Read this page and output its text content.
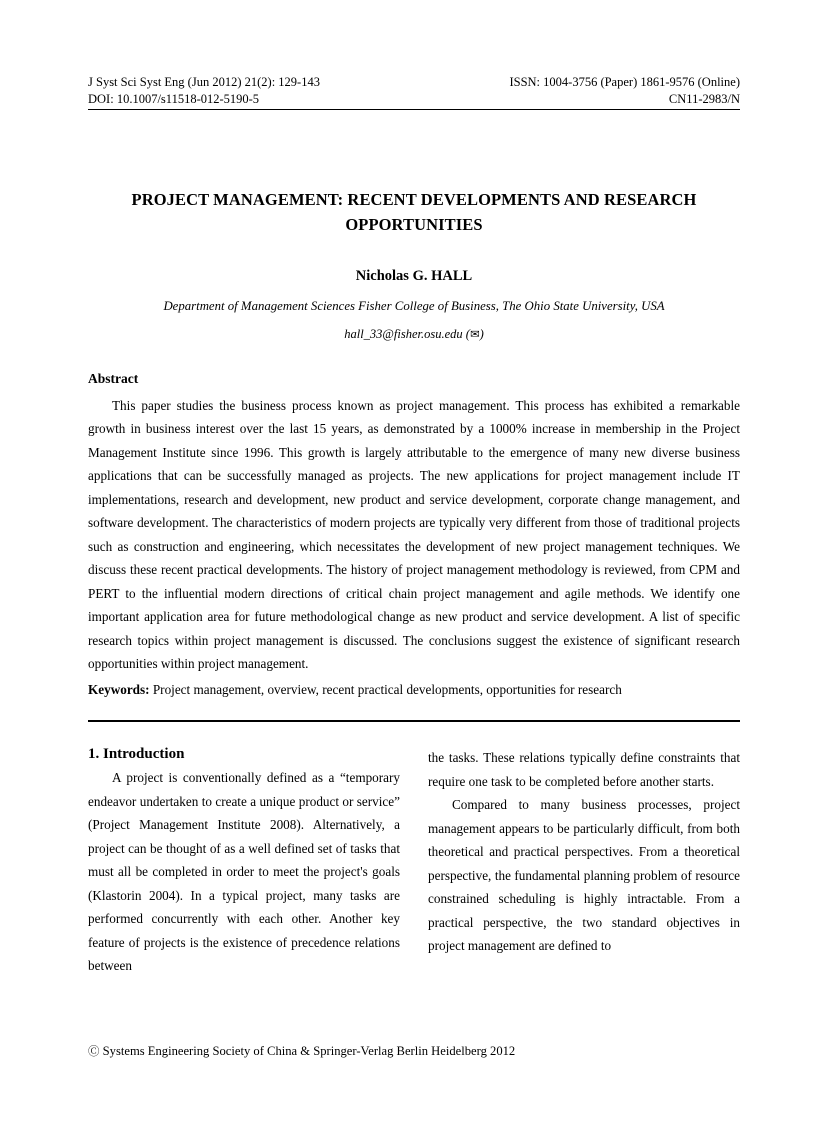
J Syst Sci Syst Eng (Jun 2012) 21(2): 129-143	ISSN: 1004-3756 (Paper) 1861-9576 (Online)
DOI: 10.1007/s11518-012-5190-5	CN11-2983/N
PROJECT MANAGEMENT: RECENT DEVELOPMENTS AND RESEARCH OPPORTUNITIES
Nicholas G. HALL
Department of Management Sciences Fisher College of Business, The Ohio State University, USA
hall_33@fisher.osu.edu (✉)
Abstract
This paper studies the business process known as project management. This process has exhibited a remarkable growth in business interest over the last 15 years, as demonstrated by a 1000% increase in membership in the Project Management Institute since 1996. This growth is largely attributable to the emergence of many new diverse business applications that can be successfully managed as projects. The new applications for project management include IT implementations, research and development, new product and service development, corporate change management, and software development. The characteristics of modern projects are typically very different from those of traditional projects such as construction and engineering, which necessitates the development of new project management techniques. We discuss these recent practical developments. The history of project management methodology is reviewed, from CPM and PERT to the influential modern directions of critical chain project management and agile methods. We identify one important application area for future methodological change as new product and service development. A list of specific research topics within project management is discussed. The conclusions suggest the existence of significant research opportunities within project management.
Keywords: Project management, overview, recent practical developments, opportunities for research
1. Introduction

A project is conventionally defined as a “temporary endeavor undertaken to create a unique product or service” (Project Management Institute 2008). Alternatively, a project can be thought of as a well defined set of tasks that must all be completed in order to meet the project's goals (Klastorin 2004). In a typical project, many tasks are performed concurrently with each other. Another key feature of projects is the existence of precedence relations between

the tasks. These relations typically define constraints that require one task to be completed before another starts.

Compared to many business processes, project management appears to be particularly difficult, from both theoretical and practical perspectives. From a theoretical perspective, the fundamental planning problem of resource constrained scheduling is highly intractable. From a practical perspective, the two standard objectives in project management are defined to

Ⓒ Systems Engineering Society of China & Springer-Verlag Berlin Heidelberg 2012
